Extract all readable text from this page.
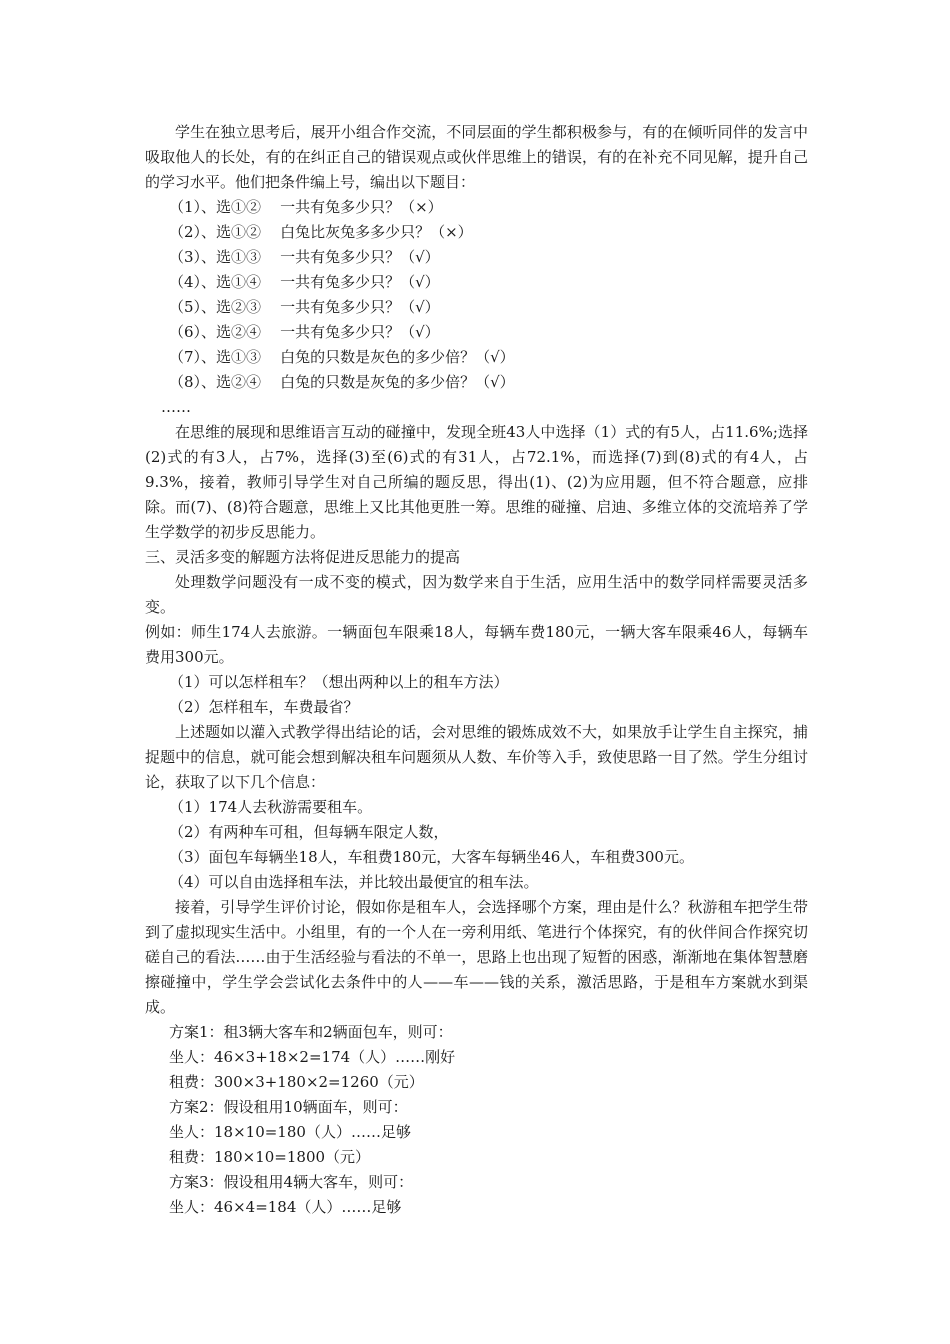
学生在独立思考后，展开小组合作交流，不同层面的学生都积极参与，有的在倾听同伴的发言中吸取他人的长处，有的在纠正自己的错误观点或伙伴思维上的错误，有的在补充不同见解，提升自己的学习水平。他们把条件编上号，编出以下题目：

（1）、选①②    一共有兔多少只？（×）
（2）、选①②    白兔比灰兔多多少只？（×）
（3）、选①③    一共有兔多少只？（√）
（4）、选①④    一共有兔多少只？（√）
（5）、选②③    一共有兔多少只？（√）
（6）、选②④    一共有兔多少只？（√）
（7）、选①③    白兔的只数是灰色的多少倍？（√）
（8）、选②④    白兔的只数是灰兔的多少倍？（√）
……

在思维的展现和思维语言互动的碰撞中，发现全班43人中选择（1）式的有5人，占11.6%;选择(2)式的有3人，占7%，选择(3)至(6)式的有31人，占72.1%，而选择(7)到(8)式的有4人，占9.3%，接着，教师引导学生对自己所编的题反思，得出(1)、(2)为应用题，但不符合题意，应排除。而(7)、(8)符合题意，思维上又比其他更胜一筹。思维的碰撞、启迪、多维立体的交流培养了学生学数学的初步反思能力。

三、灵活多变的解题方法将促进反思能力的提高

处理数学问题没有一成不变的模式，因为数学来自于生活，应用生活中的数学同样需要灵活多变。

例如：师生174人去旅游。一辆面包车限乘18人，每辆车费180元，一辆大客车限乘46人，每辆车费用300元。

（1）可以怎样租车？（想出两种以上的租车方法）
（2）怎样租车，车费最省？

上述题如以灌入式教学得出结论的话，会对思维的锻炼成效不大，如果放手让学生自主探究，捕捉题中的信息，就可能会想到解决租车问题须从人数、车价等入手，致使思路一目了然。学生分组讨论，获取了以下几个信息：

（1）174人去秋游需要租车。
（2）有两种车可租，但每辆车限定人数，
（3）面包车每辆坐18人，车租费180元，大客车每辆坐46人，车租费300元。
（4）可以自由选择租车法，并比较出最便宜的租车法。

接着，引导学生评价讨论，假如你是租车人，会选择哪个方案，理由是什么？秋游租车把学生带到了虚拟现实生活中。小组里，有的一个人在一旁利用纸、笔进行个体探究，有的伙伴间合作探究切磋自己的看法……由于生活经验与看法的不单一，思路上也出现了短暂的困惑，渐渐地在集体智慧磨擦碰撞中，学生学会尝试化去条件中的人——车——钱的关系，激活思路，于是租车方案就水到渠成。

方案1：租3辆大客车和2辆面包车，则可：
坐人：46×3+18×2=174（人）……刚好
租费：300×3+180×2=1260（元）
方案2：假设租用10辆面车，则可：
坐人：18×10=180（人）……足够
租费：180×10=1800（元）
方案3：假设租用4辆大客车，则可：
坐人：46×4=184（人）……足够
